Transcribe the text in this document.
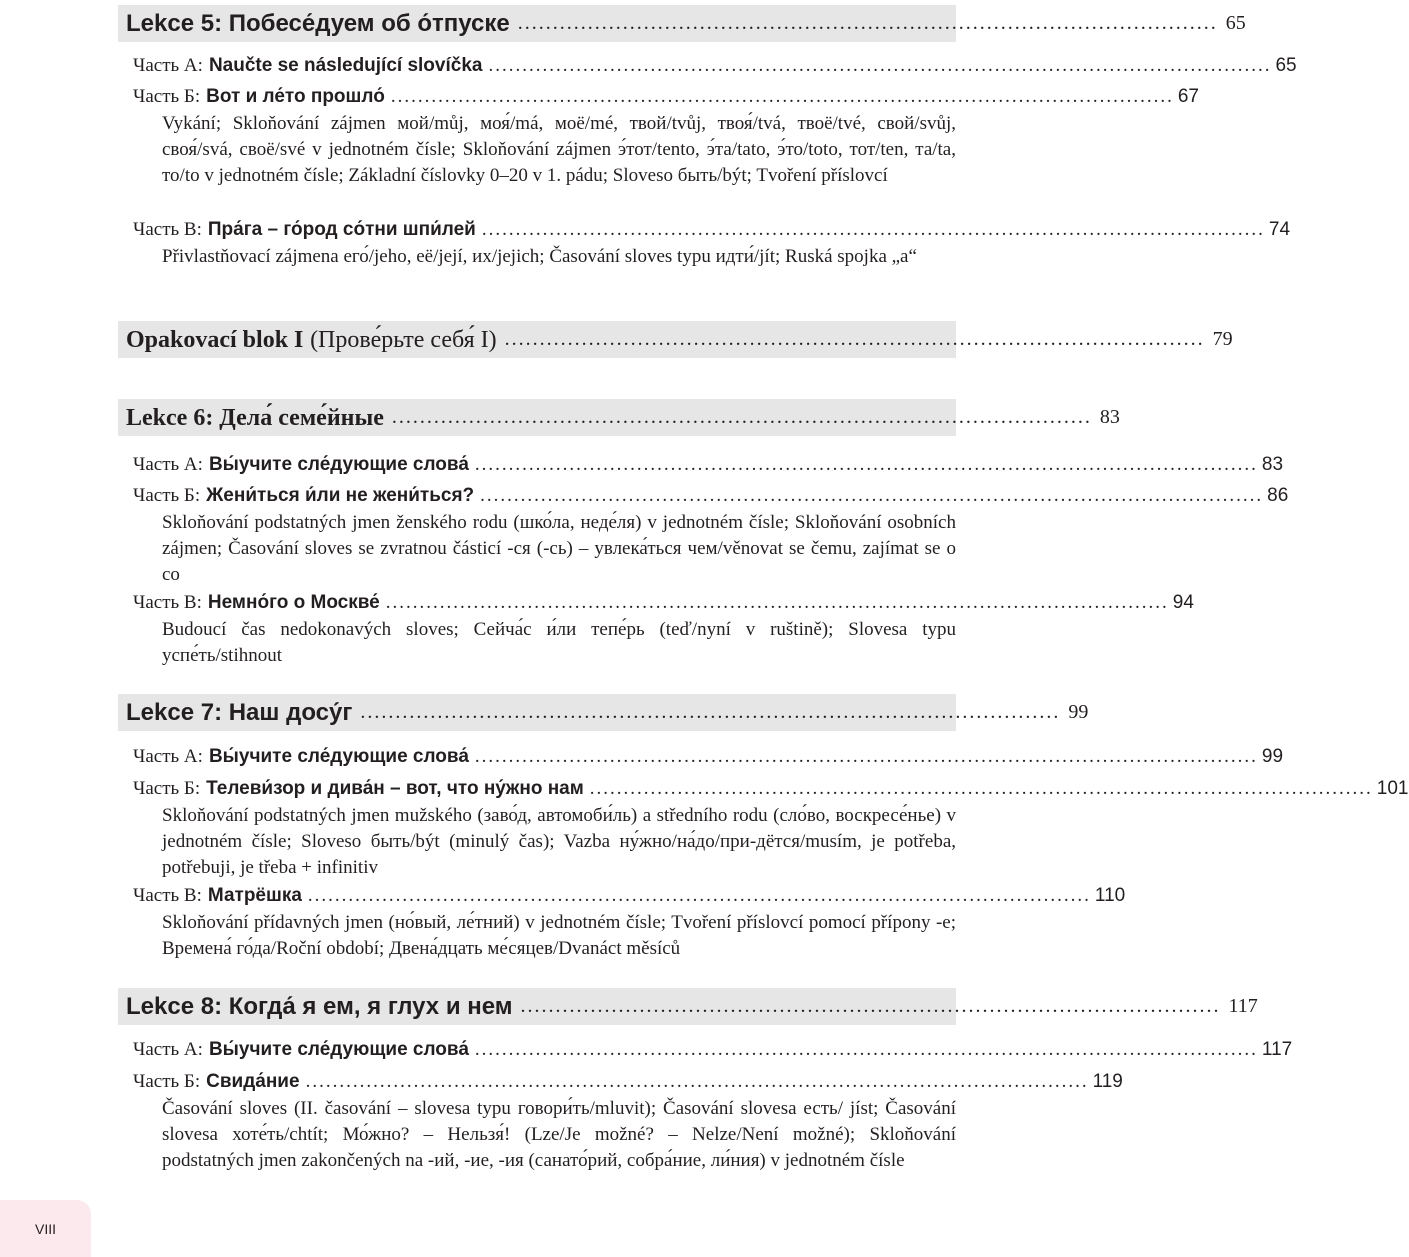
Lekce 5: Побесе́дуем об о́тпуске .................................................................................................... 65
Часть А: Naučte se následující slovíčka .................................................................................................................... 65
Часть Б: Вот и ле́то прошло́ .................................................................................................................... 67
Vykání; Skloňování zájmen мой/můj, моя́/má, моё/mé, твой/tvůj, твоя́/tvá, твоё/tvé, свой/svůj, своя́/svá, своё/své v jednotném čísle; Skloňování zájmen э́тот/tento, э́та/tato, э́то/toto, тот/ten, та/ta, то/to v jednotném čísle; Základní číslovky 0–20 v 1. pádu; Sloveso быть/být; Tvoření příslovcí
Часть В: Пра́га – го́род со́тни шпи́лей .................................................................................................................... 74
Přivlastňovací zájmena его́/jeho, её/její, их/jejich; Časování sloves typu идти́/jít; Ruská spojka „а“
Opakovací blok I (Прове́рьте себя́ I) .................................................................................................... 79
Lekce 6: Дела́ семе́йные .................................................................................................... 83
Часть А: Вы́учите сле́дующие слова́ .................................................................................................................... 83
Часть Б: Жени́ться и́ли не жени́ться? .................................................................................................................... 86
Skloňování podstatných jmen ženského rodu (шко́ла, неде́ля) v jednotném čísle; Skloňování osobních zájmen; Časování sloves se zvratnou částicí -ся (-сь) – увлека́ться чем/věnovat se čemu, zajímat se o co
Часть В: Немно́го о Москве́ .................................................................................................................... 94
Budoucí čas nedokonavých sloves; Сейча́с и́ли тепе́рь (teď/nyní v ruštině); Slovesa typu успе́ть/stihnout
Lekce 7: Наш досу́г .................................................................................................... 99
Часть А: Вы́учите сле́дующие слова́ .................................................................................................................... 99
Часть Б: Телеви́зор и дива́н – вот, что ну́жно нам .................................................................................................................... 101
Skloňování podstatných jmen mužského (заво́д, автомоби́ль) a středního rodu (сло́во, воскресе́нье) v jednotném čísle; Sloveso быть/být (minulý čas); Vazba ну́жно/на́до/при-дётся/musím, je potřeba, potřebuji, je třeba + infinitiv
Часть В: Матрёшка .................................................................................................................... 110
Skloňování přídavných jmen (но́вый, ле́тний) v jednotném čísle; Tvoření příslovcí pomocí přípony -е; Времена́ го́да/Roční období; Двена́дцать ме́сяцев/Dvanáct měsíců
Lekce 8: Когда́ я ем, я глух и нем .................................................................................................... 117
Часть А: Вы́учите сле́дующие слова́ .................................................................................................................... 117
Часть Б: Свида́ние .................................................................................................................... 119
Časování sloves (II. časování – slovesa typu говори́ть/mluvit); Časování slovesa есть/ jíst; Časování slovesa хоте́ть/chtít; Мо́жно? – Нельзя́! (Lze/Je možné? – Nelze/Není možné); Skloňování podstatných jmen zakončených na -ий, -ие, -ия (санато́рий, собра́ние, ли́ния) v jednotném čísle
VIII
